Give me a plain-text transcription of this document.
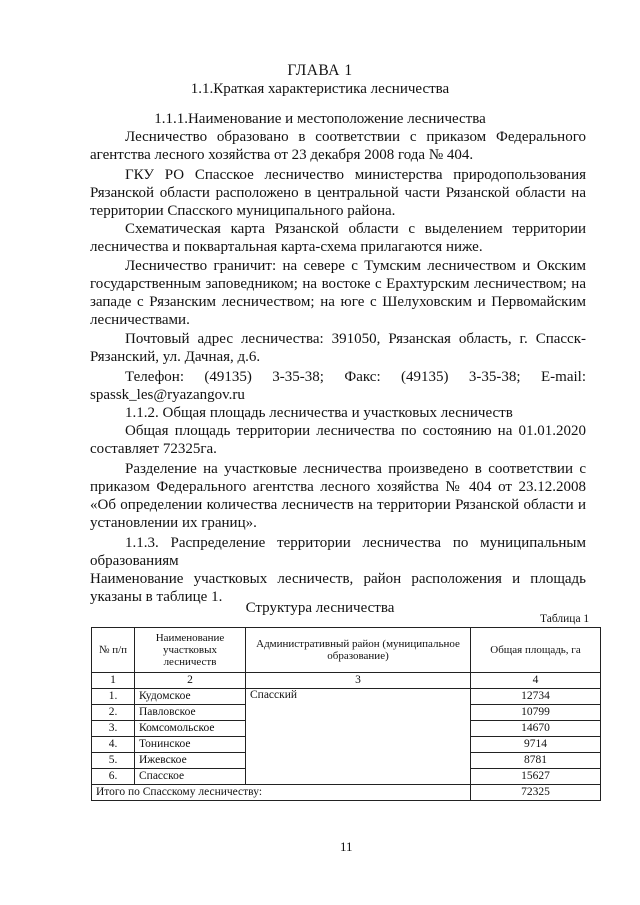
ГЛАВА 1
1.1.Краткая характеристика лесничества
1.1.1.Наименование и местоположение лесничества
Лесничество образовано в соответствии с приказом Федерального
агентства лесного хозяйства от 23 декабря 2008 года № 404.
ГКУ РО Спасское лесничество министерства природопользования
Рязанской области расположено в центральной части Рязанской области на
территории Спасского муниципального района.
Схематическая карта Рязанской области с выделением территории
лесничества и поквартальная карта-схема прилагаются ниже.
Лесничество граничит: на севере с Тумским лесничеством и Окским
государственным заповедником; на востоке с Ерахтурским лесничеством; на
западе с Рязанским лесничеством; на юге с Шелуховским и Первомайским
лесничествами.
Почтовый адрес лесничества: 391050, Рязанская область, г. Спасск-
Рязанский, ул. Дачная, д.6.
Телефон: (49135) 3-35-38; Факс: (49135) 3-35-38; E-mail:
spassk_les@ryazangov.ru
1.1.2. Общая площадь лесничества и участковых лесничеств
Общая площадь территории лесничества по состоянию на 01.01.2020
составляет 72325га.
Разделение на участковые лесничества произведено в соответствии с
приказом Федерального агентства лесного хозяйства № 404 от 23.12.2008
«Об определении количества лесничеств на территории Рязанской области и
установлении их границ».
1.1.3. Распределение территории лесничества по муниципальным
образованиям
Наименование участковых лесничеств, район расположения и площадь
указаны в таблице 1.
Структура лесничества
Таблица 1
№ п/п	Наименование участковых лесничеств	Административный район (муниципальное образование)	Общая площадь, га
1	2	3	4
1.	Кудомское	Спасский	12734
2.	Павловское		10799
3.	Комсомольское		14670
4.	Тонинское		9714
5.	Ижевское		8781
6.	Спасское		15627
Итого по Спасскому лесничеству:			72325
11
